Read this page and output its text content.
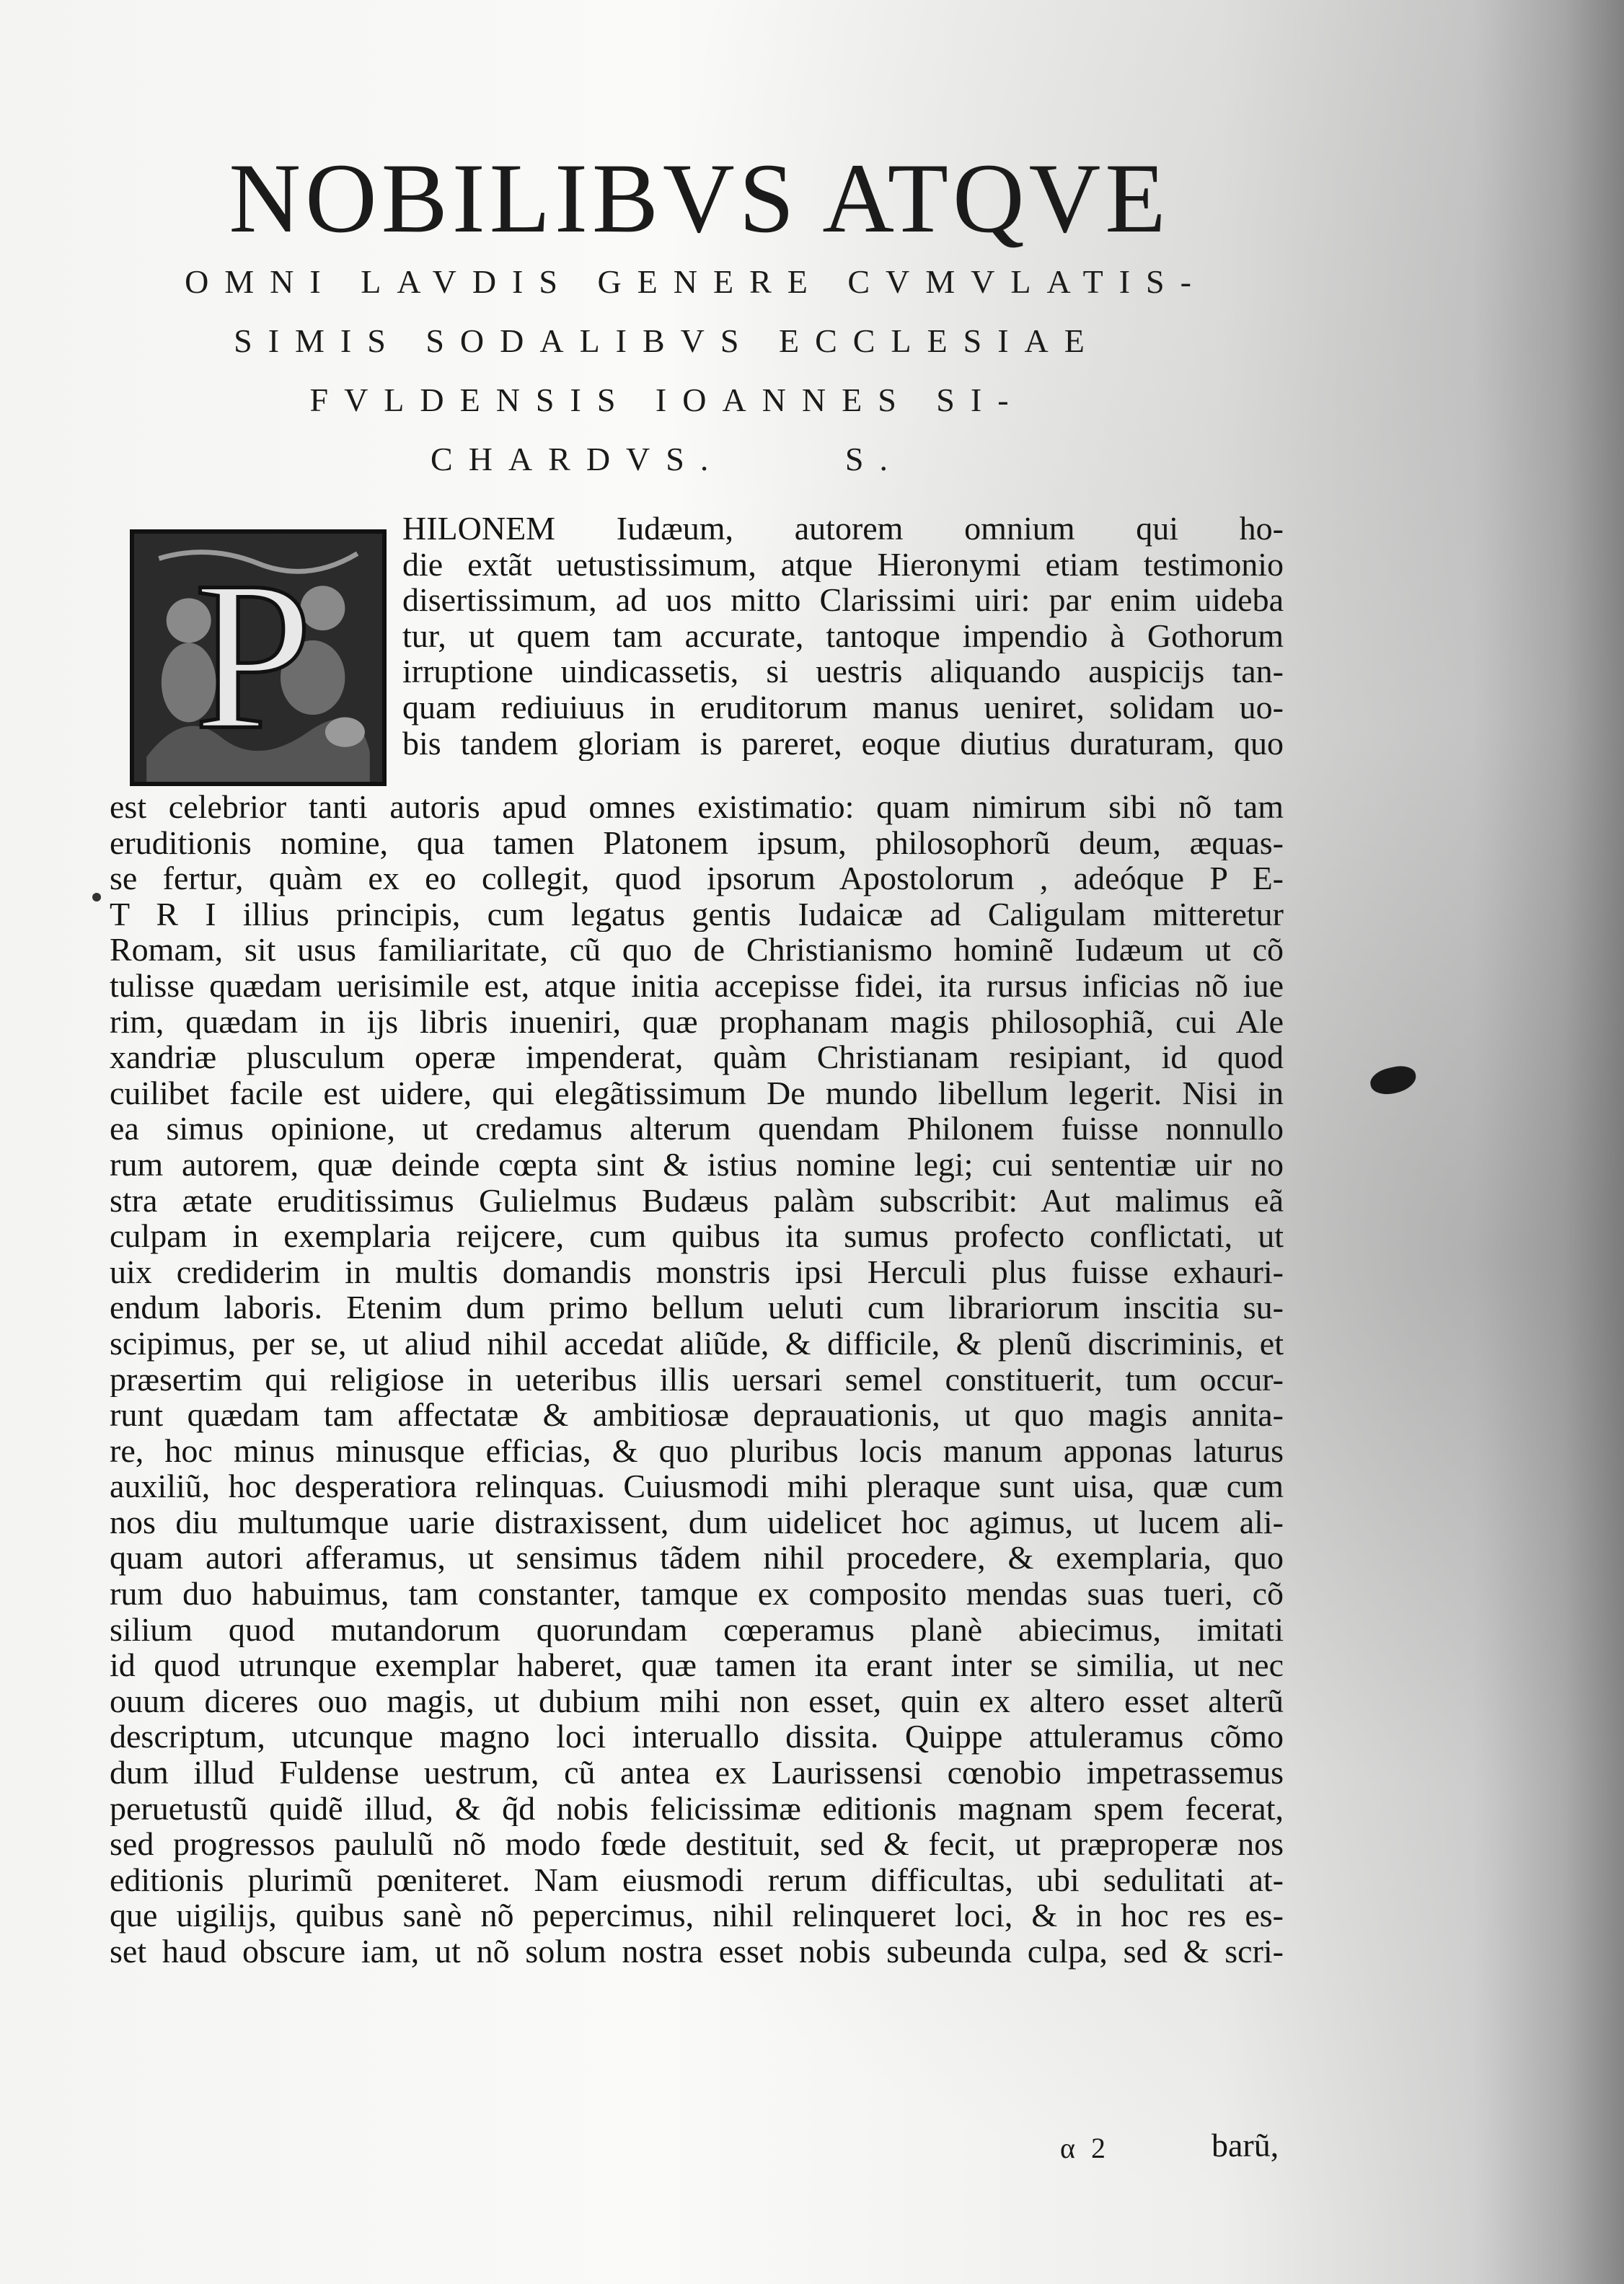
NOBILIBVS ATQVE

OMNI LAVDIS GENERE CVMVLATIS-

SIMIS SODALIBVS ECCLESIAE

FVLDENSIS IOANNES SI-

CHARDVS.     S.

P
HILONEM Iudæum, autorem omnium qui ho-
die extãt uetustissimum, atque Hieronymi etiam testimonio
disertissimum, ad uos mitto Clarissimi uiri: par enim uideba
tur, ut quem tam accurate, tantoque impendio à Gothorum
irruptione uindicassetis, si uestris aliquando auspicijs tan-
quam rediuiuus in eruditorum manus ueniret, solidam uo-
bis tandem gloriam is pareret, eoque diutius duraturam, quo
est celebrior tanti autoris apud omnes existimatio: quam nimirum sibi nõ tam
eruditionis nomine, qua tamen Platonem ipsum, philosophorũ deum, æquas-
se fertur, quàm ex eo collegit, quod ipsorum Apostolorum , adeóque P E-
T R I illius principis, cum legatus gentis Iudaicæ ad Caligulam mitteretur
Romam, sit usus familiaritate, cũ quo de Christianismo hominẽ Iudæum ut cõ
tulisse quædam uerisimile est, atque initia accepisse fidei, ita rursus inficias nõ iue
rim, quædam in ijs libris inueniri, quæ prophanam magis philosophiã, cui Ale
xandriæ plusculum operæ impenderat, quàm Christianam resipiant, id quod
cuilibet facile est uidere, qui elegãtissimum De mundo libellum legerit. Nisi in
ea simus opinione, ut credamus alterum quendam Philonem fuisse nonnullo
rum autorem, quæ deinde cœpta sint & istius nomine legi; cui sententiæ uir no
stra ætate eruditissimus Gulielmus Budæus palàm subscribit: Aut malimus eã
culpam in exemplaria reijcere, cum quibus ita sumus profecto conflictati, ut
uix crediderim in multis domandis monstris ipsi Herculi plus fuisse exhauri-
endum laboris. Etenim dum primo bellum ueluti cum librariorum inscitia su-
scipimus, per se, ut aliud nihil accedat aliũde, & difficile, & plenũ discriminis, et
præsertim qui religiose in ueteribus illis uersari semel constituerit, tum occur-
runt quædam tam affectatæ & ambitiosæ deprauationis, ut quo magis annita-
re, hoc minus minusque efficias, & quo pluribus locis manum apponas laturus
auxiliũ, hoc desperatiora relinquas. Cuiusmodi mihi pleraque sunt uisa, quæ cum
nos diu multumque uarie distraxissent, dum uidelicet hoc agimus, ut lucem ali-
quam autori afferamus, ut sensimus tãdem nihil procedere, & exemplaria, quo
rum duo habuimus, tam constanter, tamque ex composito mendas suas tueri, cõ
silium quod mutandorum quorundam cœperamus planè abiecimus, imitati
id quod utrunque exemplar haberet, quæ tamen ita erant inter se similia, ut nec
ouum diceres ouo magis, ut dubium mihi non esset, quin ex altero esset alterũ
descriptum, utcunque magno loci interuallo dissita. Quippe attuleramus cõmo
dum illud Fuldense uestrum, cũ antea ex Laurissensi cœnobio impetrassemus
peruetustũ quidẽ illud, & q̃d nobis felicissimæ editionis magnam spem fecerat,
sed progressos paululũ nõ modo fœde destituit, sed & fecit, ut præproperæ nos
editionis plurimũ pœniteret. Nam eiusmodi rerum difficultas, ubi sedulitati at-
que uigilijs, quibus sanè nõ pepercimus, nihil relinqueret loci, & in hoc res es-
set haud obscure iam, ut nõ solum nostra esset nobis subeunda culpa, sed & scri-
α 2	barũ,
